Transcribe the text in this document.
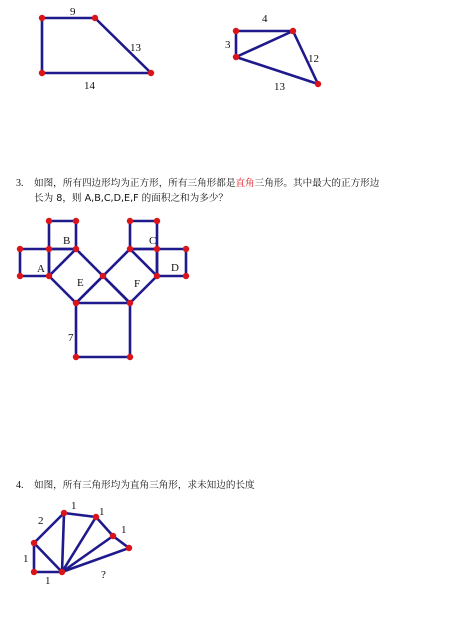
9
13
14
4
3
12
13
B	C
A	D
E	F
7
1 1
2
1
1
1	?
3. 如图，所有四边形均为正方形，所有三角形都是直角三角形。其中最大的正方形边
长为 8，则 A,B,C,D,E,F 的面积之和为多少？
4. 如图，所有三角形均为直角三角形，求未知边的长度
